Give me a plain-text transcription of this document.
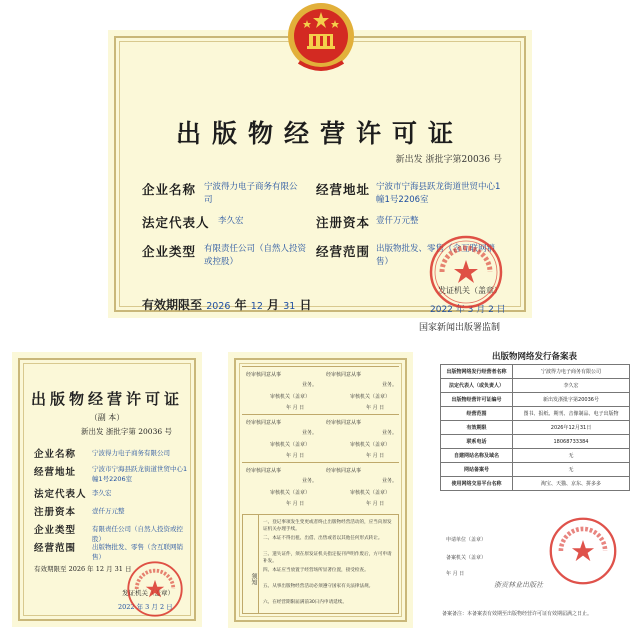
出版物经营许可证
新出发 浙批字第20036 号
企业名称 宁波得力电子商务有限公司
经营地址 宁波市宁海县跃龙街道世贸中心1幢1号2206室
法定代表人 李久宏	注册资本 壹仟万元整
企业类型 有限责任公司（自然人投资或控股）
经营范围 出版物批发、零售（含互联网销售）
有效期限至 2026 年 12 月 31 日
发证机关（盖章）
2022 年 3 月 2 日
国家新闻出版署监制
出版物经营许可证
（副 本）
新出发 浙批字第 20036 号
企业名称 宁波得力电子商务有限公司
经营地址 宁波市宁海县跃龙街道世贸中心1幢1号2206室
法定代表人 李久宏
注册资本 壹仟万元整
企业类型 有限责任公司（自然人投资或控股）
经营范围 出版物批发、零售（含互联网销售）
有效期限至 2026 年 12 月 31 日
发证机关（盖章）
2022 年 3 月 2 日
经审核同意从事	经审核同意从事
业务。	业务。
审核机关（盖章）	审核机关（盖章）
年 月 日	年 月 日
经审核同意从事	经审核同意从事
业务。	业务。
审核机关（盖章）	审核机关（盖章）
年 月 日	年 月 日
经审核同意从事	经审核同意从事
业务。	业务。
审核机关（盖章）	审核机关（盖章）
年 月 日	年 月 日
须知
一、登记事项发生变更或者终止出版物经营活动的，应当向原发证机关办理手续。
二、本证不得出租、出借、出售或者以其他任何形式转让。
三、遗失证件，须在原发证机关指定报刊声明作废后，方可申请补发。
四、本证应当放置于经营场所显著位置，接受检查。
五、从事出版物经营活动必须遵守国家有关法律法规。
六、在经营期限届满前30日内申请延续。
出版物网络发行备案表
出版物网络发行经营者名称	宁波得力电子商务有限公司
法定代表人（或负责人）	李久宏
出版物经营许可证编号	新出发浙批字第20036号
经营范围	图书、报纸、期刊、音像制品、电子出版物
有效期限	2026年12月31日
联系电话	18068733384
自建网站名称及域名	无
网站备案号	无
使用网络交易平台名称	淘宝、天猫、京东、拼多多
申请单位（盖章）
备案机关（盖章）
年 月 日
浙贡林业出版社
备案备注：本备案表有效期至出版物经营许可证有效期届满之日止。
